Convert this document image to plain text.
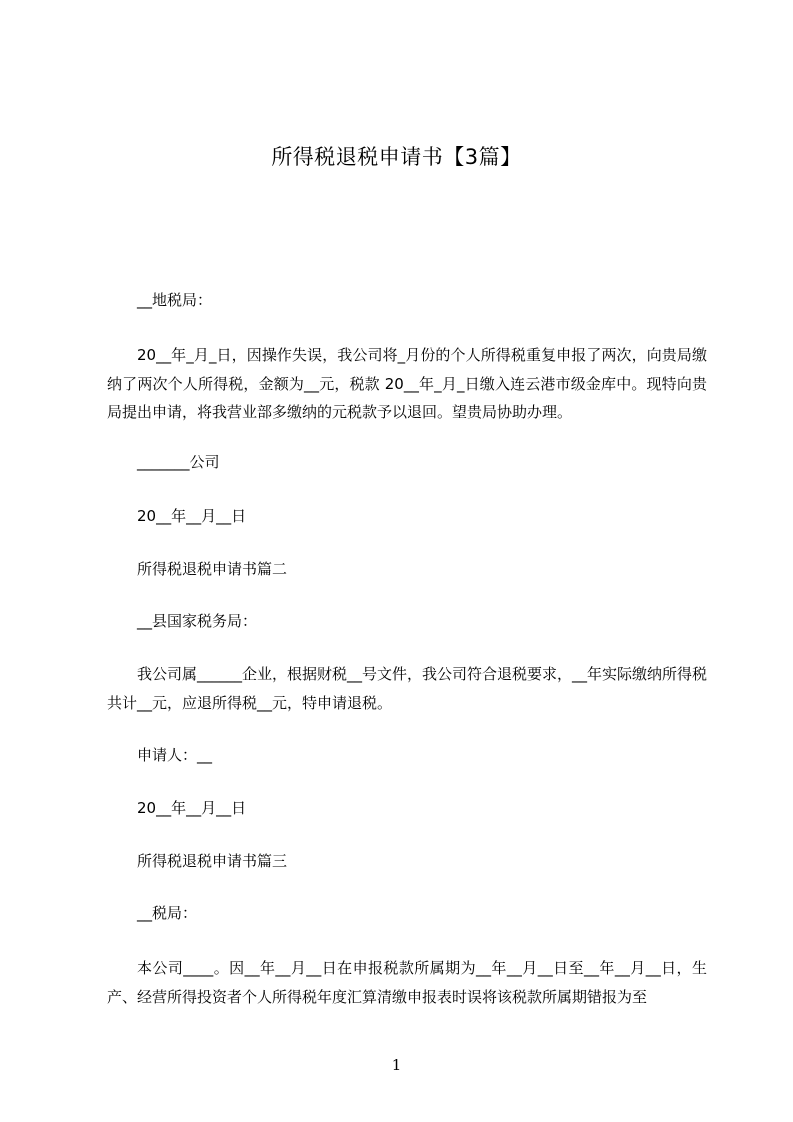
所得税退税申请书【3篇】
__地税局：
20__年_月_日，因操作失误，我公司将_月份的个人所得税重复申报了两次，向贵局缴纳了两次个人所得税，金额为__元，税款 20__年_月_日缴入连云港市级金库中。现特向贵局提出申请，将我营业部多缴纳的元税款予以退回。望贵局协助办理。
_______公司
20__年__月__日
所得税退税申请书篇二
__县国家税务局：
我公司属______企业，根据财税__号文件，我公司符合退税要求，__年实际缴纳所得税共计__元，应退所得税__元，特申请退税。
申请人：__
20__年__月__日
所得税退税申请书篇三
__税局：
本公司____。因__年__月__日在申报税款所属期为__年__月__日至__年__月__日，生产、经营所得投资者个人所得税年度汇算清缴申报表时误将该税款所属期错报为至
1
